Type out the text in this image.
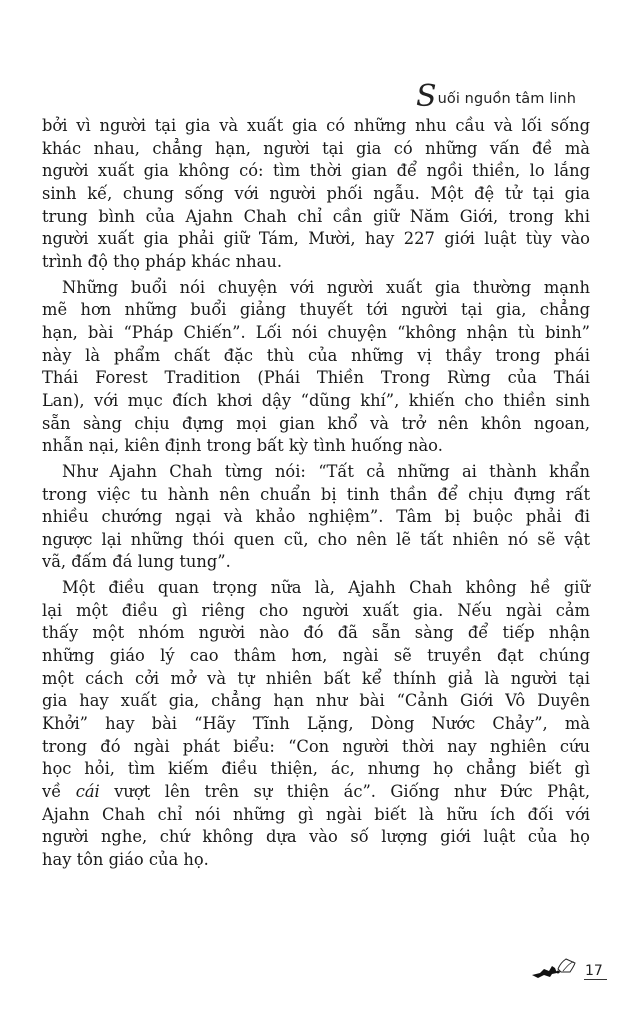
S uối nguồn tâm linh

bởi vì người tại gia và xuất gia có những nhu cầu và lối sống
khác nhau, chẳng hạn, người tại gia có những vấn đề mà
người xuất gia không có: tìm thời gian để ngồi thiền, lo lắng
sinh kế, chung sống với người phối ngẫu. Một đệ tử tại gia
trung bình của Ajahn Chah chỉ cần giữ Năm Giới, trong khi
người xuất gia phải giữ Tám, Mười, hay 227 giới luật tùy vào
trình độ thọ pháp khác nhau.

Những buổi nói chuyện với người xuất gia thường mạnh
mẽ hơn những buổi giảng thuyết tới người tại gia, chẳng
hạn, bài “Pháp Chiến”. Lối nói chuyện “không nhận tù binh”
này là phẩm chất đặc thù của những vị thầy trong phái
Thái Forest Tradition (Phái Thiền Trong Rừng của Thái
Lan), với mục đích khơi dậy “dũng khí”, khiến cho thiền sinh
sẵn sàng chịu đựng mọi gian khổ và trở nên khôn ngoan,
nhẫn nại, kiên định trong bất kỳ tình huống nào.

Như Ajahn Chah từng nói: “Tất cả những ai thành khẩn
trong việc tu hành nên chuẩn bị tinh thần để chịu đựng rất
nhiều chướng ngại và khảo nghiệm”. Tâm bị buộc phải đi
ngược lại những thói quen cũ, cho nên lẽ tất nhiên nó sẽ vật
vã, đấm đá lung tung”.

Một điều quan trọng nữa là, Ajahh Chah không hề giữ
lại một điều gì riêng cho người xuất gia. Nếu ngài cảm
thấy một nhóm người nào đó đã sẵn sàng để tiếp nhận
những giáo lý cao thâm hơn, ngài sẽ truyền đạt chúng
một cách cởi mở và tự nhiên bất kể thính giả là người tại
gia hay xuất gia, chẳng hạn như bài “Cảnh Giới Vô Duyên
Khởi” hay bài “Hãy Tĩnh Lặng, Dòng Nước Chảy”, mà
trong đó ngài phát biểu: “Con người thời nay nghiên cứu
học hỏi, tìm kiếm điều thiện, ác, nhưng họ chẳng biết gì
về cái vượt lên trên sự thiện ác”. Giống như Đức Phật,
Ajahn Chah chỉ nói những gì ngài biết là hữu ích đối với
người nghe, chứ không dựa vào số lượng giới luật của họ
hay tôn giáo của họ.

17
